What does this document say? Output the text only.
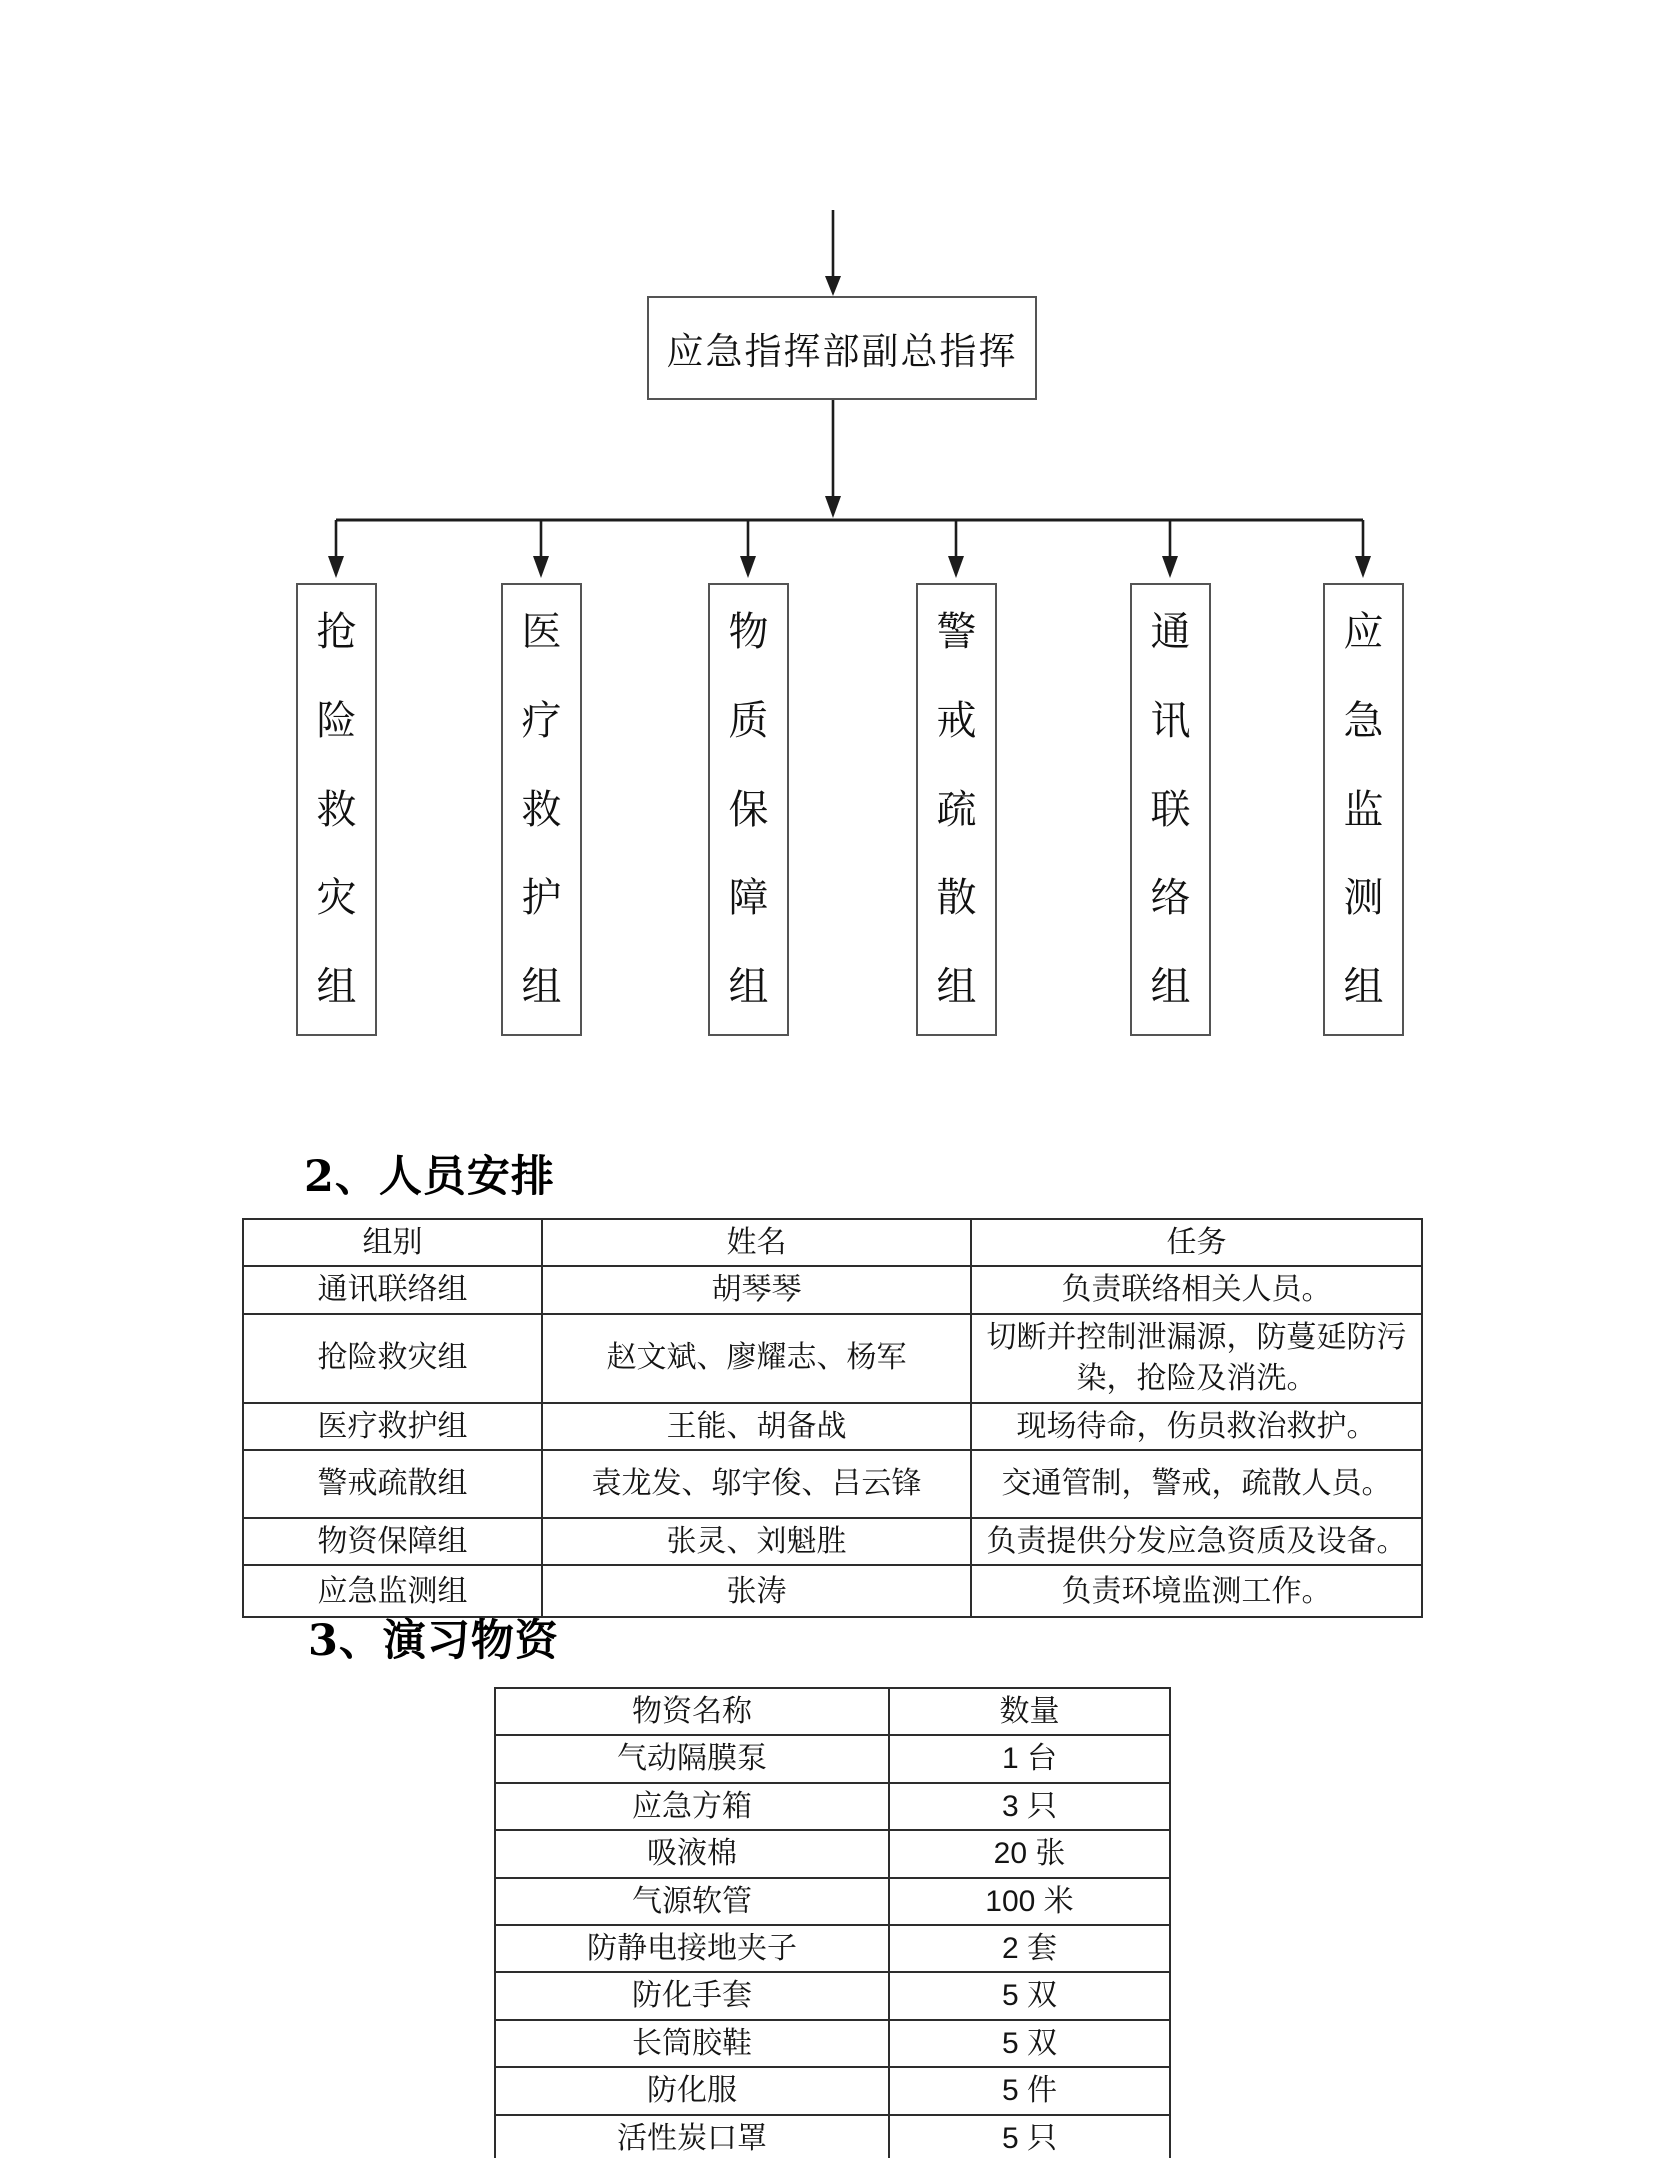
应急指挥部副总指挥
抢
险
救
灾
组
医
疗
救
护
组
物
质
保
障
组
警
戒
疏
散
组
通
讯
联
络
组
应
急
监
测
组
2、人员安排
组别	姓名	任务
通讯联络组	胡琴琴	负责联络相关人员。
抢险救灾组	赵文斌、廖耀志、杨军	切断并控制泄漏源，防蔓延防污染，抢险及消洗。
医疗救护组	王能、胡备战	现场待命，伤员救治救护。
警戒疏散组	袁龙发、邬宇俊、吕云锋	交通管制，警戒，疏散人员。
物资保障组	张灵、刘魁胜	负责提供分发应急资质及设备。
应急监测组	张涛	负责环境监测工作。
3、演习物资
物资名称	数量
气动隔膜泵	1 台
应急方箱	3 只
吸液棉	20 张
气源软管	100 米
防静电接地夹子	2 套
防化手套	5 双
长筒胶鞋	5 双
防化服	5 件
活性炭口罩	5 只
